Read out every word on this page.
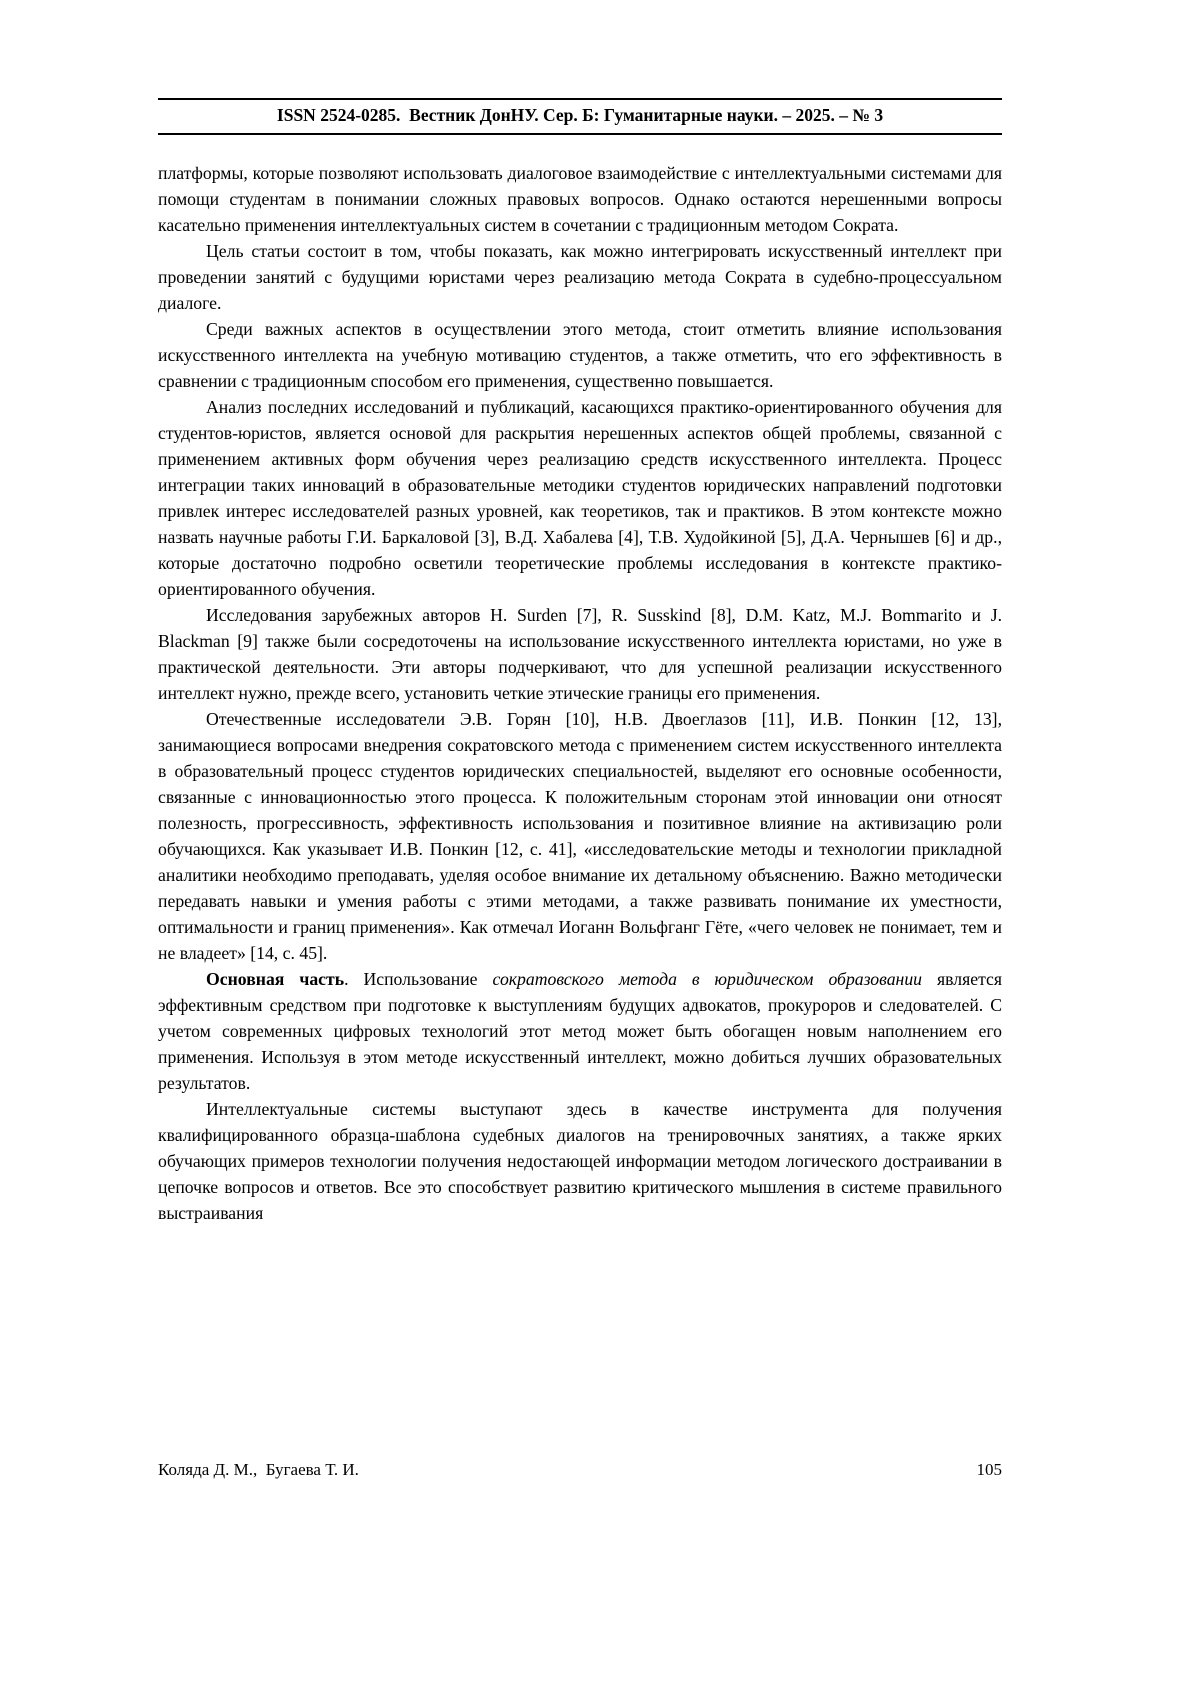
ISSN 2524-0285.  Вестник ДонНУ. Сер. Б: Гуманитарные науки. – 2025. – № 3

платформы, которые позволяют использовать диалоговое взаимодействие с интеллектуальными системами для помощи студентам в понимании сложных правовых вопросов. Однако остаются нерешенными вопросы касательно применения интеллектуальных систем в сочетании с традиционным методом Сократа.

Цель статьи состоит в том, чтобы показать, как можно интегрировать искусственный интеллект при проведении занятий с будущими юристами через реализацию метода Сократа в судебно-процессуальном диалоге.

Среди важных аспектов в осуществлении этого метода, стоит отметить влияние использования искусственного интеллекта на учебную мотивацию студентов, а также отметить, что его эффективность в сравнении с традиционным способом его применения, существенно повышается.

Анализ последних исследований и публикаций, касающихся практико-ориентированного обучения для студентов-юристов, является основой для раскрытия нерешенных аспектов общей проблемы, связанной с применением активных форм обучения через реализацию средств искусственного интеллекта. Процесс интеграции таких инноваций в образовательные методики студентов юридических направлений подготовки привлек интерес исследователей разных уровней, как теоретиков, так и практиков. В этом контексте можно назвать научные работы Г.И. Баркаловой [3], В.Д. Хабалева [4], Т.В. Худойкиной [5], Д.А. Чернышев [6] и др., которые достаточно подробно осветили теоретические проблемы исследования в контексте практико-ориентированного обучения.

Исследования зарубежных авторов H. Surden [7], R. Susskind [8], D.M. Katz, M.J. Bommarito и J. Blackman [9] также были сосредоточены на использование искусственного интеллекта юристами, но уже в практической деятельности. Эти авторы подчеркивают, что для успешной реализации искусственного интеллект нужно, прежде всего, установить четкие этические границы его применения.

Отечественные исследователи Э.В. Горян [10], Н.В. Двоеглазов [11], И.В. Понкин [12, 13], занимающиеся вопросами внедрения сократовского метода с применением систем искусственного интеллекта в образовательный процесс студентов юридических специальностей, выделяют его основные особенности, связанные с инновационностью этого процесса. К положительным сторонам этой инновации они относят полезность, прогрессивность, эффективность использования и позитивное влияние на активизацию роли обучающихся. Как указывает И.В. Понкин [12, с. 41], «исследовательские методы и технологии прикладной аналитики необходимо преподавать, уделяя особое внимание их детальному объяснению. Важно методически передавать навыки и умения работы с этими методами, а также развивать понимание их уместности, оптимальности и границ применения». Как отмечал Иоганн Вольфганг Гёте, «чего человек не понимает, тем и не владеет» [14, с. 45].

Основная часть. Использование сократовского метода в юридическом образовании является эффективным средством при подготовке к выступлениям будущих адвокатов, прокуроров и следователей. С учетом современных цифровых технологий этот метод может быть обогащен новым наполнением его применения. Используя в этом методе искусственный интеллект, можно добиться лучших образовательных результатов.

Интеллектуальные системы выступают здесь в качестве инструмента для получения квалифицированного образца-шаблона судебных диалогов на тренировочных занятиях, а также ярких обучающих примеров технологии получения недостающей информации методом логического достраивании в цепочке вопросов и ответов. Все это способствует развитию критического мышления в системе правильного выстраивания

Коляда Д. М.,  Бугаева Т. И.	105
